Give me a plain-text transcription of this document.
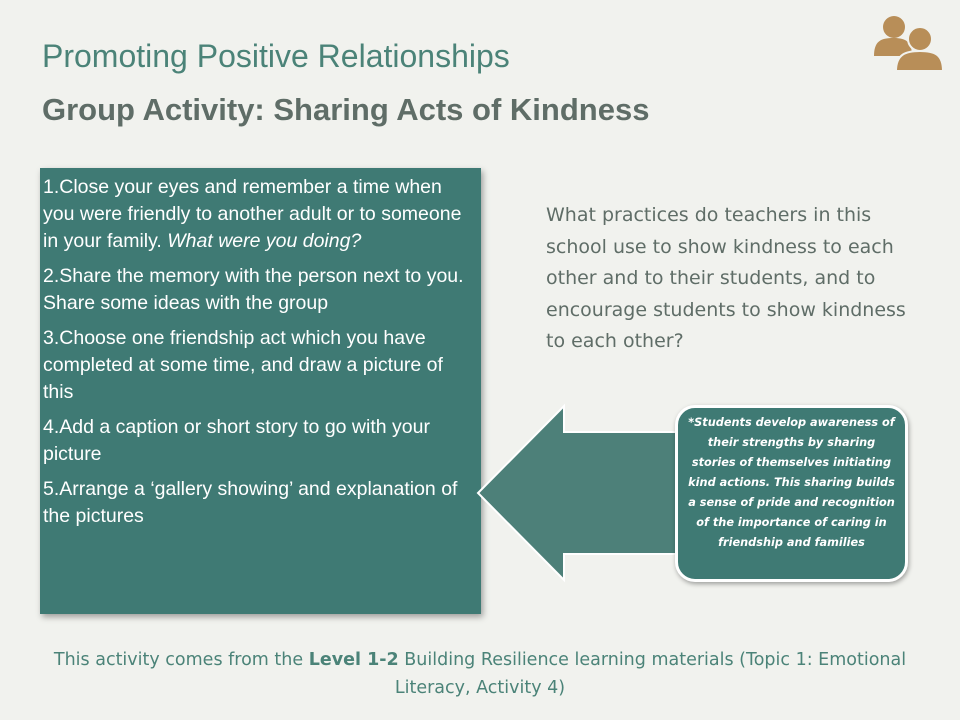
Promoting Positive Relationships
Group Activity: Sharing Acts of Kindness

1.Close your eyes and remember a time when you were friendly to another adult or to someone in your family. What were you doing?

2.Share the memory with the person next to you. Share some ideas with the group

3.Choose one friendship act which you have completed at some time, and draw a picture of this

4.Add a caption or short story to go with your picture

5.Arrange a ‘gallery showing’ and explanation of the pictures

What practices do teachers in this school use to show kindness to each other and to their students, and to encourage students to show kindness to each other?
*Students develop awareness of their strengths by sharing stories of themselves initiating kind actions. This sharing builds a sense of pride and recognition of the importance of caring in friendship and families
This activity comes from the Level 1-2 Building Resilience learning materials (Topic 1: Emotional Literacy, Activity 4)
